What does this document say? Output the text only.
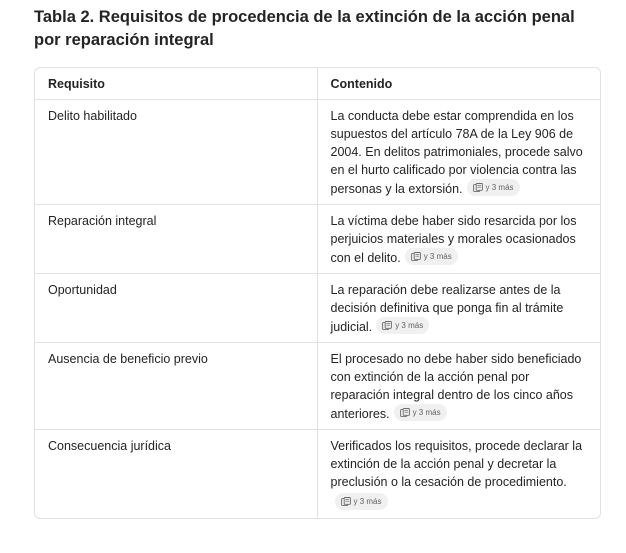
Tabla 2. Requisitos de procedencia de la extinción de la acción penal por reparación integral
Requisito	Contenido
Delito habilitado	La conducta debe estar comprendida en los supuestos del artículo 78A de la Ley 906 de 2004. En delitos patrimoniales, procede salvo en el hurto calificado por violencia contra las personas y la extorsión. y 3 más

Reparación integral	La víctima debe haber sido resarcida por los perjuicios materiales y morales ocasionados con el delito. y 3 más

Oportunidad	La reparación debe realizarse antes de la decisión definitiva que ponga fin al trámite judicial. y 3 más

Ausencia de beneficio previo	El procesado no debe haber sido beneficiado con extinción de la acción penal por reparación integral dentro de los cinco años anteriores. y 3 más

Consecuencia jurídica	Verificados los requisitos, procede declarar la extinción de la acción penal y decretar la preclusión o la cesación de procedimiento.
y 3 más
